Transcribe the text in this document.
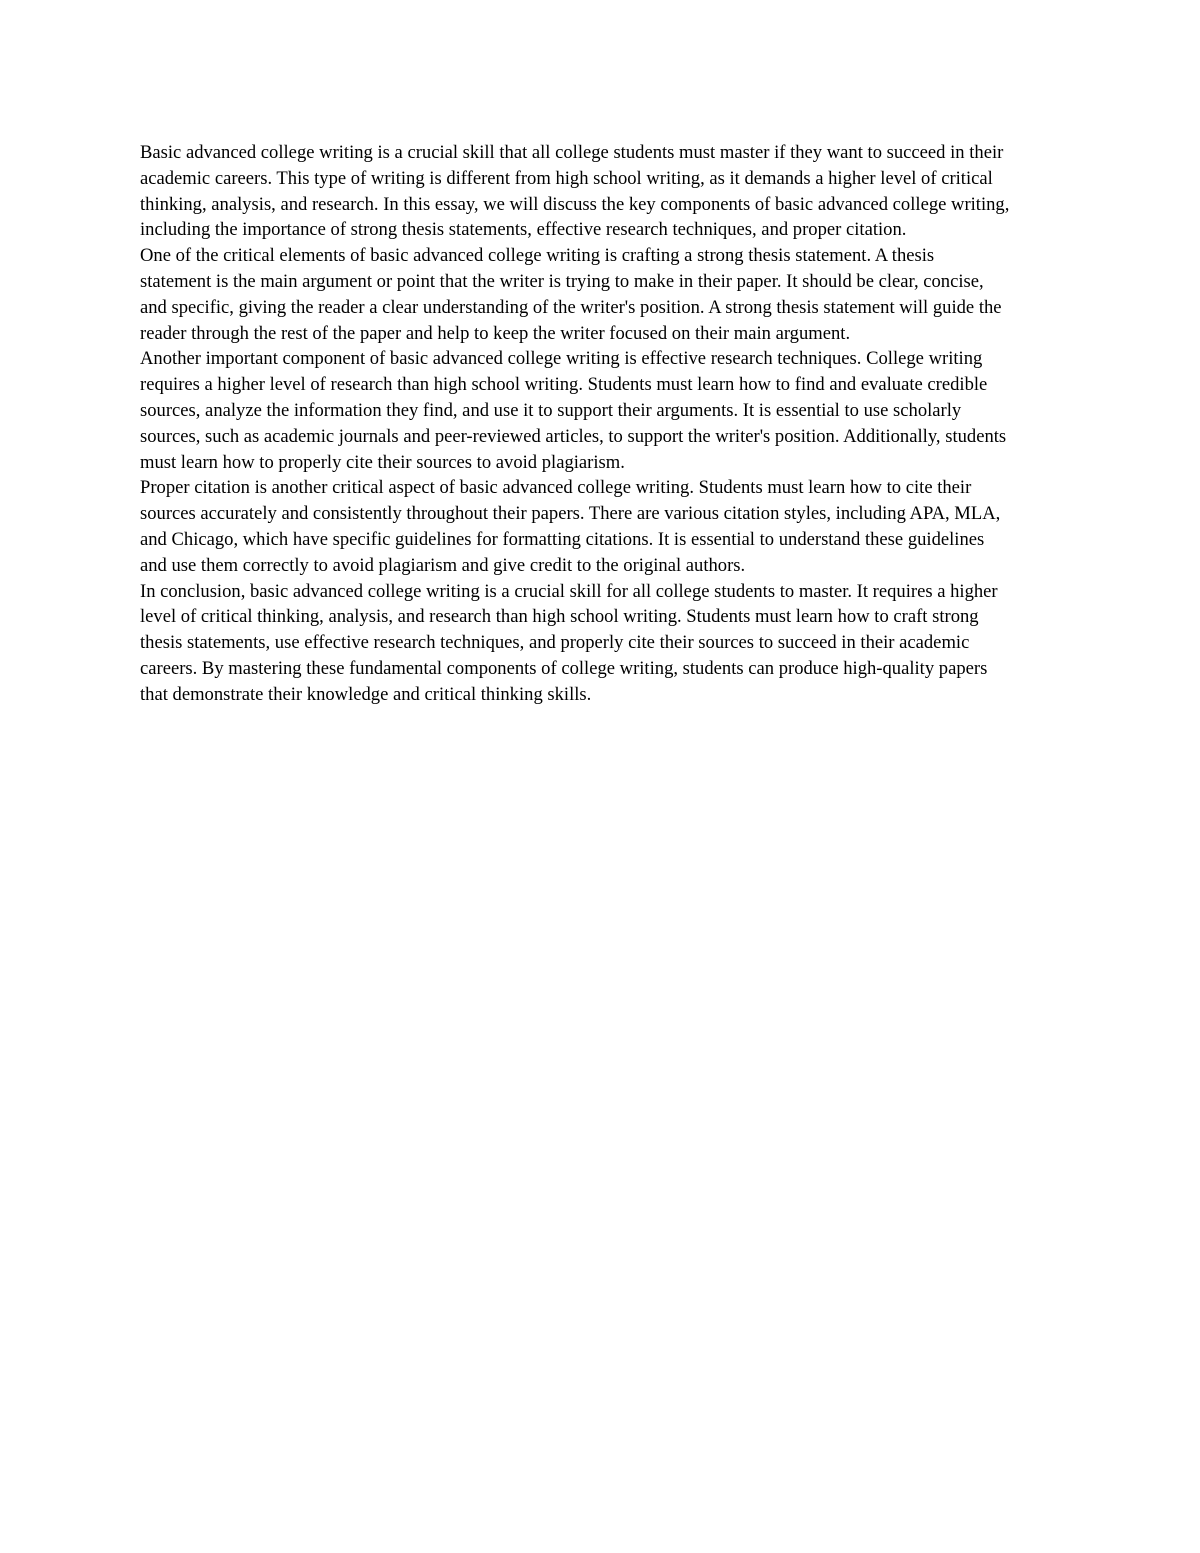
Basic advanced college writing is a crucial skill that all college students must master if they want to succeed in their
academic careers. This type of writing is different from high school writing, as it demands a higher level of critical
thinking, analysis, and research. In this essay, we will discuss the key components of basic advanced college writing,
including the importance of strong thesis statements, effective research techniques, and proper citation.

One of the critical elements of basic advanced college writing is crafting a strong thesis statement. A thesis
statement is the main argument or point that the writer is trying to make in their paper. It should be clear, concise,
and specific, giving the reader a clear understanding of the writer's position. A strong thesis statement will guide the
reader through the rest of the paper and help to keep the writer focused on their main argument.

Another important component of basic advanced college writing is effective research techniques. College writing
requires a higher level of research than high school writing. Students must learn how to find and evaluate credible
sources, analyze the information they find, and use it to support their arguments. It is essential to use scholarly
sources, such as academic journals and peer-reviewed articles, to support the writer's position. Additionally, students
must learn how to properly cite their sources to avoid plagiarism.

Proper citation is another critical aspect of basic advanced college writing. Students must learn how to cite their
sources accurately and consistently throughout their papers. There are various citation styles, including APA, MLA,
and Chicago, which have specific guidelines for formatting citations. It is essential to understand these guidelines
and use them correctly to avoid plagiarism and give credit to the original authors.

In conclusion, basic advanced college writing is a crucial skill for all college students to master. It requires a higher
level of critical thinking, analysis, and research than high school writing. Students must learn how to craft strong
thesis statements, use effective research techniques, and properly cite their sources to succeed in their academic
careers. By mastering these fundamental components of college writing, students can produce high-quality papers
that demonstrate their knowledge and critical thinking skills.
